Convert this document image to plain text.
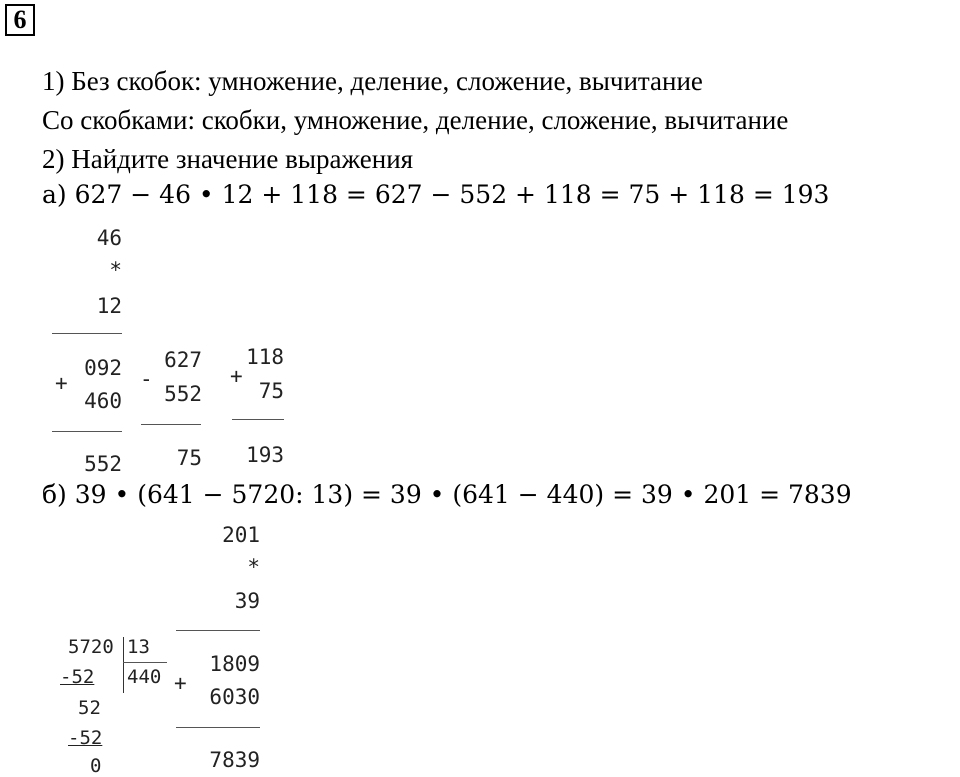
6
1) Без скобок: умножение, деление, сложение, вычитание
Со скобками: скобки, умножение, деление, сложение, вычитание
2) Найдите значение выражения
а) 627 − 46 • 12 + 118 = 627 − 552 + 118 = 75 + 118 = 193
46
*
12
+
092
460
552
-
627
552
75
+
118
75
193
б) 39 • (641 − 5720: 13) = 39 • (641 − 440) = 39 • 201 = 7839
201
*
39
+
1809
6030
7839
5720 13
440
-52
52
-52
0
